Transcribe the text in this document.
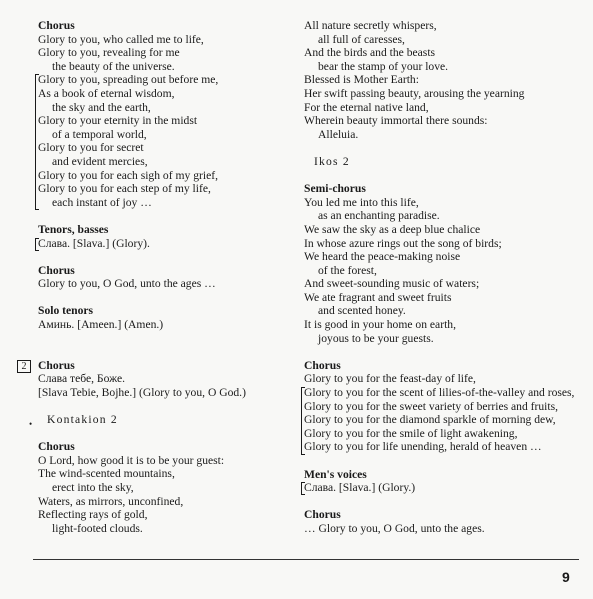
Chorus
Glory to you, who called me to life,
Glory to you, revealing for me
the beauty of the universe.
Glory to you, spreading out before me,
As a book of eternal wisdom,
the sky and the earth,
Glory to your eternity in the midst
of a temporal world,
Glory to you for secret
and evident mercies,
Glory to you for each sigh of my grief,
Glory to you for each step of my life,
each instant of joy …
Tenors, basses
Слава. [Slava.] (Glory).
Chorus
Glory to you, O God, unto the ages …
Solo tenors
Аминь. [Ameen.] (Amen.)
2 Chorus
Слава тебе, Боже.
[Slava Tebie, Bojhe.] (Glory to you, O God.)
•	Kontakion 2
Chorus
O Lord, how good it is to be your guest:
The wind-scented mountains,
erect into the sky,
Waters, as mirrors, unconfined,
Reflecting rays of gold,
light-footed clouds.
All nature secretly whispers,
all full of caresses,
And the birds and the beasts
bear the stamp of your love.
Blessed is Mother Earth:
Her swift passing beauty, arousing the yearning
For the eternal native land,
Wherein beauty immortal there sounds:
Alleluia.
Ikos 2
Semi-chorus
You led me into this life,
as an enchanting paradise.
We saw the sky as a deep blue chalice
In whose azure rings out the song of birds;
We heard the peace-making noise
of the forest,
And sweet-sounding music of waters;
We ate fragrant and sweet fruits
and scented honey.
It is good in your home on earth,
joyous to be your guests.
Chorus
Glory to you for the feast-day of life,
Glory to you for the scent of lilies-of-the-valley and roses,
Glory to you for the sweet variety of berries and fruits,
Glory to you for the diamond sparkle of morning dew,
Glory to you for the smile of light awakening,
Glory to you for life unending, herald of heaven …
Men's voices
Слава. [Slava.] (Glory.)
Chorus
… Glory to you, O God, unto the ages.
9
